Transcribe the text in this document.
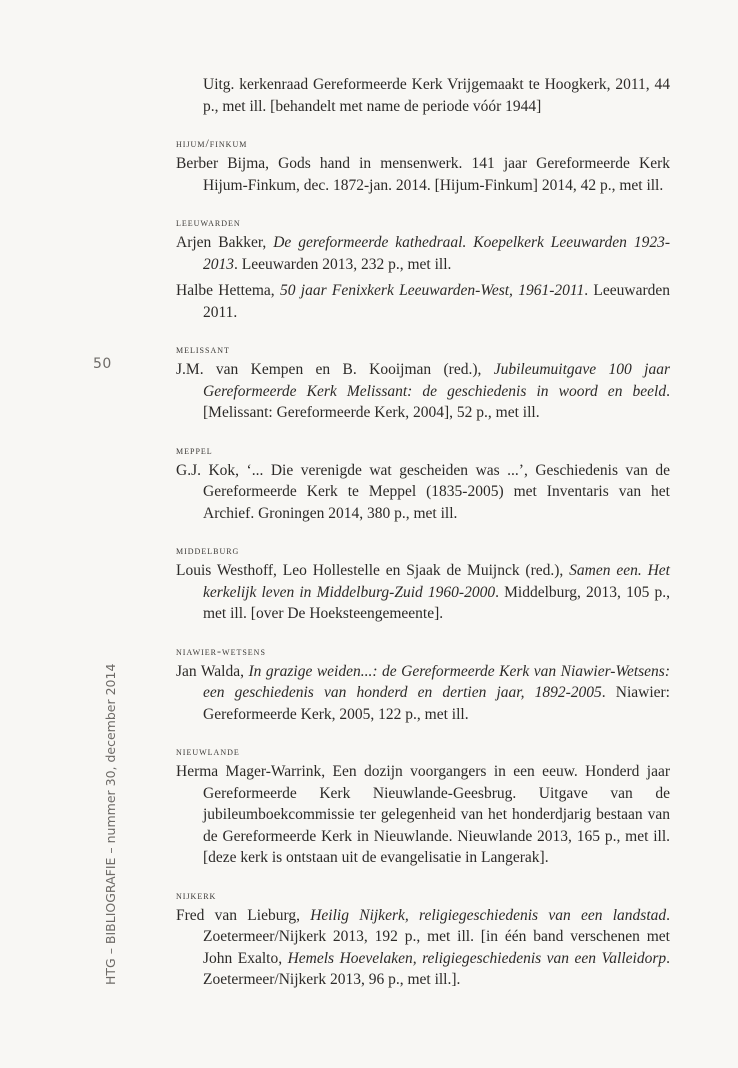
50
HTG – BIBLIOGRAFIE – nummer 30, december 2014

Uitg. kerkenraad Gereformeerde Kerk Vrijgemaakt te Hoogkerk, 2011, 44 p., met ill. [behandelt met name de periode vóór 1944]

hijum/finkum

Berber Bijma, Gods hand in mensenwerk. 141 jaar Gereformeerde Kerk Hijum-Finkum, dec. 1872-jan. 2014. [Hijum-Finkum] 2014, 42 p., met ill.

leeuwarden

Arjen Bakker, De gereformeerde kathedraal. Koepelkerk Leeuwarden 1923-2013. Leeuwarden 2013, 232 p., met ill.

Halbe Hettema, 50 jaar Fenixkerk Leeuwarden-West, 1961-2011. Leeuwarden 2011.

melissant

J.M. van Kempen en B. Kooijman (red.), Jubileumuitgave 100 jaar Gereformeerde Kerk Melissant: de geschiedenis in woord en beeld. [Melissant: Gereformeerde Kerk, 2004], 52 p., met ill.

meppel

G.J. Kok, ‘... Die verenigde wat gescheiden was ...’, Geschiedenis van de Gereformeerde Kerk te Meppel (1835-2005) met Inventaris van het Archief. Groningen 2014, 380 p., met ill.

middelburg

Louis Westhoff, Leo Hollestelle en Sjaak de Muijnck (red.), Samen een. Het kerkelijk leven in Middelburg-Zuid 1960-2000. Middelburg, 2013, 105 p., met ill. [over De Hoeksteengemeente].

niawier-wetsens

Jan Walda, In grazige weiden...: de Gereformeerde Kerk van Niawier-Wetsens: een geschiedenis van honderd en dertien jaar, 1892-2005. Niawier: Gereformeerde Kerk, 2005, 122 p., met ill.

nieuwlande

Herma Mager-Warrink, Een dozijn voorgangers in een eeuw. Honderd jaar Gereformeerde Kerk Nieuwlande-Geesbrug. Uitgave van de jubileumboekcommissie ter gelegenheid van het honderdjarig bestaan van de Gereformeerde Kerk in Nieuwlande. Nieuwlande 2013, 165 p., met ill. [deze kerk is ontstaan uit de evangelisatie in Langerak].

nijkerk

Fred van Lieburg, Heilig Nijkerk, religiegeschiedenis van een landstad. Zoetermeer/Nijkerk 2013, 192 p., met ill. [in één band verschenen met John Exalto, Hemels Hoevelaken, religiegeschiedenis van een Valleidorp. Zoetermeer/Nijkerk 2013, 96 p., met ill.].
